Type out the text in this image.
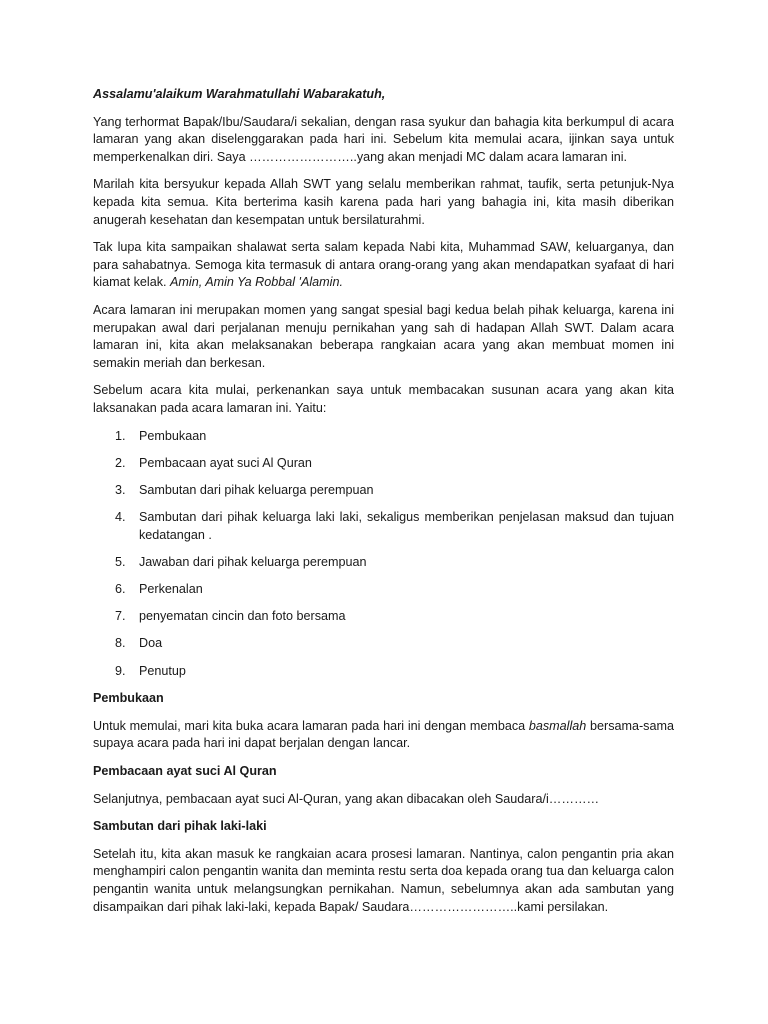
Assalamu'alaikum Warahmatullahi Wabarakatuh,

Yang terhormat Bapak/Ibu/Saudara/i sekalian, dengan rasa syukur dan bahagia kita berkumpul di acara lamaran yang akan diselenggarakan pada hari ini. Sebelum kita memulai acara, ijinkan saya untuk memperkenalkan diri. Saya ……………………..yang akan menjadi MC dalam acara lamaran ini.

Marilah kita bersyukur kepada Allah SWT yang selalu memberikan rahmat, taufik, serta petunjuk-Nya kepada kita semua. Kita berterima kasih karena pada hari yang bahagia ini, kita masih diberikan anugerah kesehatan dan kesempatan untuk bersilaturahmi.

Tak lupa kita sampaikan shalawat serta salam kepada Nabi kita, Muhammad SAW, keluarganya, dan para sahabatnya. Semoga kita termasuk di antara orang-orang yang akan mendapatkan syafaat di hari kiamat kelak. Amin, Amin Ya Robbal 'Alamin.

Acara lamaran ini merupakan momen yang sangat spesial bagi kedua belah pihak keluarga, karena ini merupakan awal dari perjalanan menuju pernikahan yang sah di hadapan Allah SWT. Dalam acara lamaran ini, kita akan melaksanakan beberapa rangkaian acara yang akan membuat momen ini semakin meriah dan berkesan.

Sebelum acara kita mulai, perkenankan saya untuk membacakan susunan acara yang akan kita laksanakan pada acara lamaran ini. Yaitu:

1.	Pembukaan
2.	Pembacaan ayat suci Al Quran
3.	Sambutan dari pihak keluarga perempuan
4.	Sambutan dari pihak keluarga laki laki, sekaligus memberikan penjelasan maksud dan tujuan kedatangan .
5.	Jawaban dari pihak keluarga perempuan
6.	Perkenalan
7.	penyematan cincin dan foto bersama
8.	Doa
9.	Penutup

Pembukaan

Untuk memulai, mari kita buka acara lamaran pada hari ini dengan membaca basmallah bersama-sama supaya acara pada hari ini dapat berjalan dengan lancar.

Pembacaan ayat suci Al Quran

Selanjutnya, pembacaan ayat suci Al-Quran, yang akan dibacakan oleh Saudara/i…………

Sambutan dari pihak laki-laki

Setelah itu, kita akan masuk ke rangkaian acara prosesi lamaran. Nantinya, calon pengantin pria akan menghampiri calon pengantin wanita dan meminta restu serta doa kepada orang tua dan keluarga calon pengantin wanita untuk melangsungkan pernikahan. Namun, sebelumnya akan ada sambutan yang disampaikan dari pihak laki-laki, kepada Bapak/ Saudara……………………..kami persilakan.
